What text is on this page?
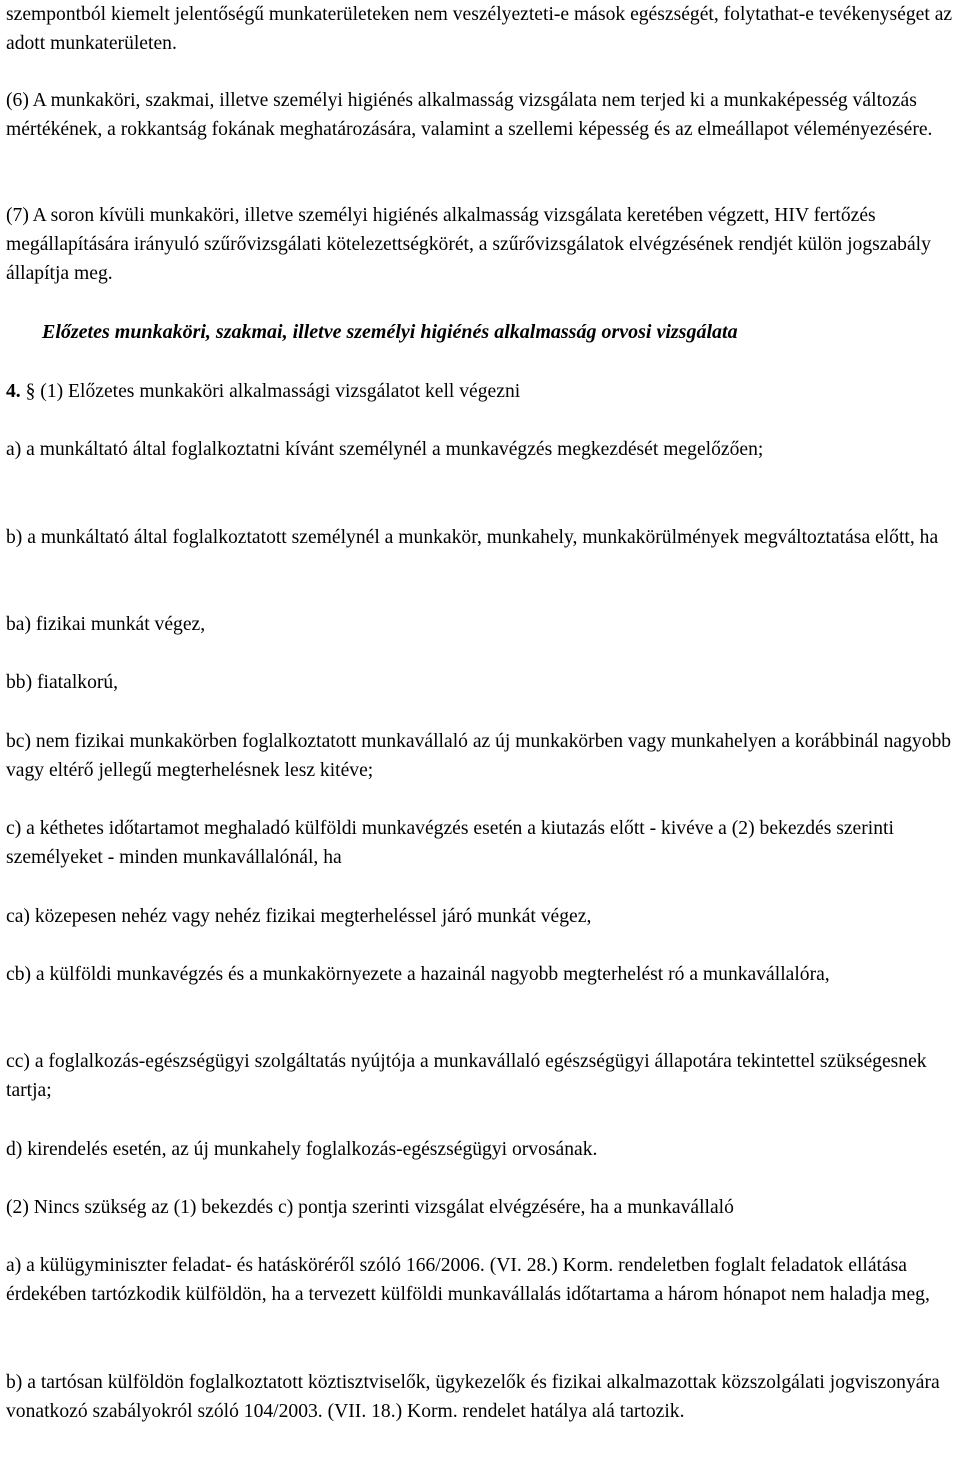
szempontból kiemelt jelentőségű munkaterületeken nem veszélyezteti-e mások egészségét, folytathat-e tevékenységet az adott munkaterületen.

(6) A munkaköri, szakmai, illetve személyi higiénés alkalmasság vizsgálata nem terjed ki a munkaképesség változás mértékének, a rokkantság fokának meghatározására, valamint a szellemi képesség és az elmeállapot véleményezésére.

(7) A soron kívüli munkaköri, illetve személyi higiénés alkalmasság vizsgálata keretében végzett, HIV fertőzés megállapítására irányuló szűrővizsgálati kötelezettségkörét, a szűrővizsgálatok elvégzésének rendjét külön jogszabály állapítja meg.

Előzetes munkaköri, szakmai, illetve személyi higiénés alkalmasság orvosi vizsgálata

4. § (1) Előzetes munkaköri alkalmassági vizsgálatot kell végezni

a) a munkáltató által foglalkoztatni kívánt személynél a munkavégzés megkezdését megelőzően;

b) a munkáltató által foglalkoztatott személynél a munkakör, munkahely, munkakörülmények megváltoztatása előtt, ha

ba) fizikai munkát végez,

bb) fiatalkorú,

bc) nem fizikai munkakörben foglalkoztatott munkavállaló az új munkakörben vagy munkahelyen a korábbinál nagyobb vagy eltérő jellegű megterhelésnek lesz kitéve;

c) a kéthetes időtartamot meghaladó külföldi munkavégzés esetén a kiutazás előtt - kivéve a (2) bekezdés szerinti személyeket - minden munkavállalónál, ha

ca) közepesen nehéz vagy nehéz fizikai megterheléssel járó munkát végez,

cb) a külföldi munkavégzés és a munkakörnyezete a hazainál nagyobb megterhelést ró a munkavállalóra,

cc) a foglalkozás-egészségügyi szolgáltatás nyújtója a munkavállaló egészségügyi állapotára tekintettel szükségesnek tartja;

d) kirendelés esetén, az új munkahely foglalkozás-egészségügyi orvosának.

(2) Nincs szükség az (1) bekezdés c) pontja szerinti vizsgálat elvégzésére, ha a munkavállaló

a) a külügyminiszter feladat- és hatásköréről szóló 166/2006. (VI. 28.) Korm. rendeletben foglalt feladatok ellátása érdekében tartózkodik külföldön, ha a tervezett külföldi munkavállalás időtartama a három hónapot nem haladja meg,

b) a tartósan külföldön foglalkoztatott köztisztviselők, ügykezelők és fizikai alkalmazottak közszolgálati jogviszonyára vonatkozó szabályokról szóló 104/2003. (VII. 18.) Korm. rendelet hatálya alá tartozik.
